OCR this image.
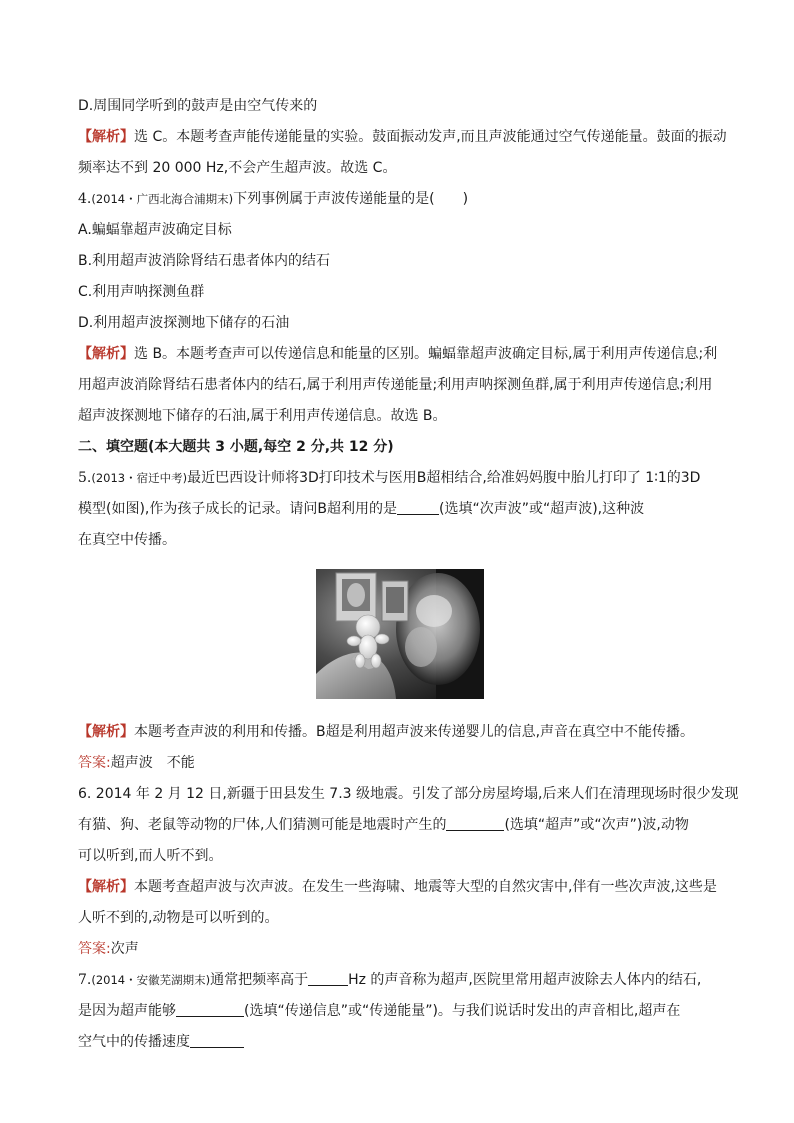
D.周围同学听到的鼓声是由空气传来的
【解析】选 C。本题考查声能传递能量的实验。鼓面振动发声,而且声波能通过空气传递能量。鼓面的振动
频率达不到 20 000 Hz,不会产生超声波。故选 C。
4.(2014・广西北海合浦期末)下列事例属于声波传递能量的是(　　)
A.蝙蝠靠超声波确定目标
B.利用超声波消除肾结石患者体内的结石
C.利用声呐探测鱼群
D.利用超声波探测地下储存的石油
【解析】选 B。本题考查声可以传递信息和能量的区别。蝙蝠靠超声波确定目标,属于利用声传递信息;利
用超声波消除肾结石患者体内的结石,属于利用声传递能量;利用声呐探测鱼群,属于利用声传递信息;利用
超声波探测地下储存的石油,属于利用声传递信息。故选 B。
二、填空题(本大题共 3 小题,每空 2 分,共 12 分)
5.(2013・宿迁中考)最近巴西设计师将3D打印技术与医用B超相结合,给准妈妈腹中胎儿打印了 1∶1的3D
模型(如图),作为孩子成长的记录。请问B超利用的是	(选填“次声波”或“超声波),这种波
在真空中传播。
【解析】本题考查声波的利用和传播。B超是利用超声波来传递婴儿的信息,声音在真空中不能传播。
答案:超声波　不能
6. 2014 年 2 月 12 日,新疆于田县发生 7.3 级地震。引发了部分房屋垮塌,后来人们在清理现场时很少发现
有猫、狗、老鼠等动物的尸体,人们猜测可能是地震时产生的	(选填“超声”或“次声”)波,动物
可以听到,而人听不到。
【解析】本题考查超声波与次声波。在发生一些海啸、地震等大型的自然灾害中,伴有一些次声波,这些是
人听不到的,动物是可以听到的。
答案:次声
7.(2014・安徽芜湖期末)通常把频率高于	Hz 的声音称为超声,医院里常用超声波除去人体内的结石,
是因为超声能够	(选填“传递信息”或“传递能量”)。与我们说话时发出的声音相比,超声在
空气中的传播速度
